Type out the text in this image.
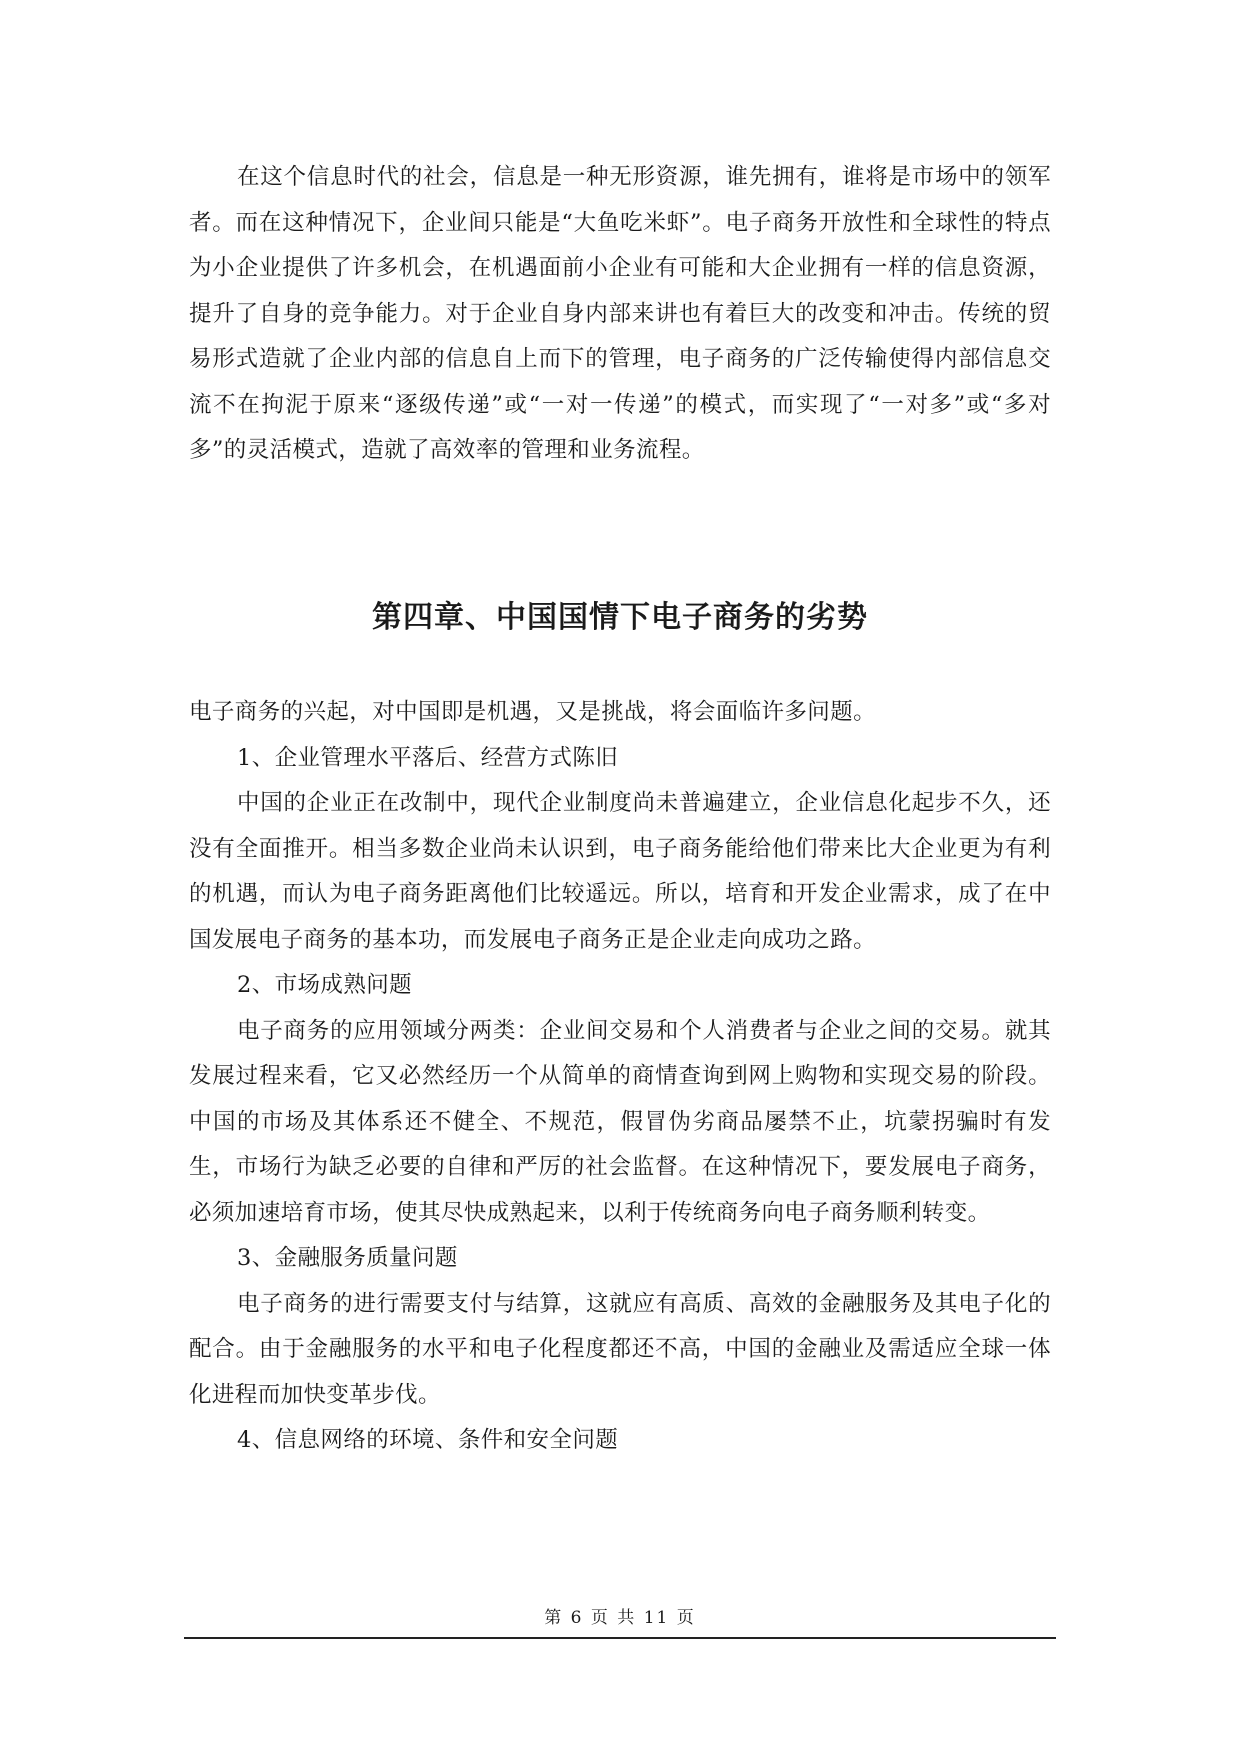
在这个信息时代的社会，信息是一种无形资源，谁先拥有，谁将是市场中的领军者。而在这种情况下，企业间只能是“大鱼吃米虾”。电子商务开放性和全球性的特点为小企业提供了许多机会，在机遇面前小企业有可能和大企业拥有一样的信息资源，提升了自身的竞争能力。对于企业自身内部来讲也有着巨大的改变和冲击。传统的贸易形式造就了企业内部的信息自上而下的管理，电子商务的广泛传输使得内部信息交流不在拘泥于原来“逐级传递”或“一对一传递”的模式，而实现了“一对多”或“多对多”的灵活模式，造就了高效率的管理和业务流程。

第四章、中国国情下电子商务的劣势

电子商务的兴起，对中国即是机遇，又是挑战，将会面临许多问题。

1、企业管理水平落后、经营方式陈旧

中国的企业正在改制中，现代企业制度尚未普遍建立，企业信息化起步不久，还没有全面推开。相当多数企业尚未认识到，电子商务能给他们带来比大企业更为有利的机遇，而认为电子商务距离他们比较遥远。所以，培育和开发企业需求，成了在中国发展电子商务的基本功，而发展电子商务正是企业走向成功之路。

2、市场成熟问题

电子商务的应用领域分两类：企业间交易和个人消费者与企业之间的交易。就其发展过程来看，它又必然经历一个从简单的商情查询到网上购物和实现交易的阶段。中国的市场及其体系还不健全、不规范，假冒伪劣商品屡禁不止，坑蒙拐骗时有发生，市场行为缺乏必要的自律和严厉的社会监督。在这种情况下，要发展电子商务，必须加速培育市场，使其尽快成熟起来，以利于传统商务向电子商务顺利转变。

3、金融服务质量问题

电子商务的进行需要支付与结算，这就应有高质、高效的金融服务及其电子化的配合。由于金融服务的水平和电子化程度都还不高，中国的金融业及需适应全球一体化进程而加快变革步伐。

4、信息网络的环境、条件和安全问题

第 6 页 共 11 页
